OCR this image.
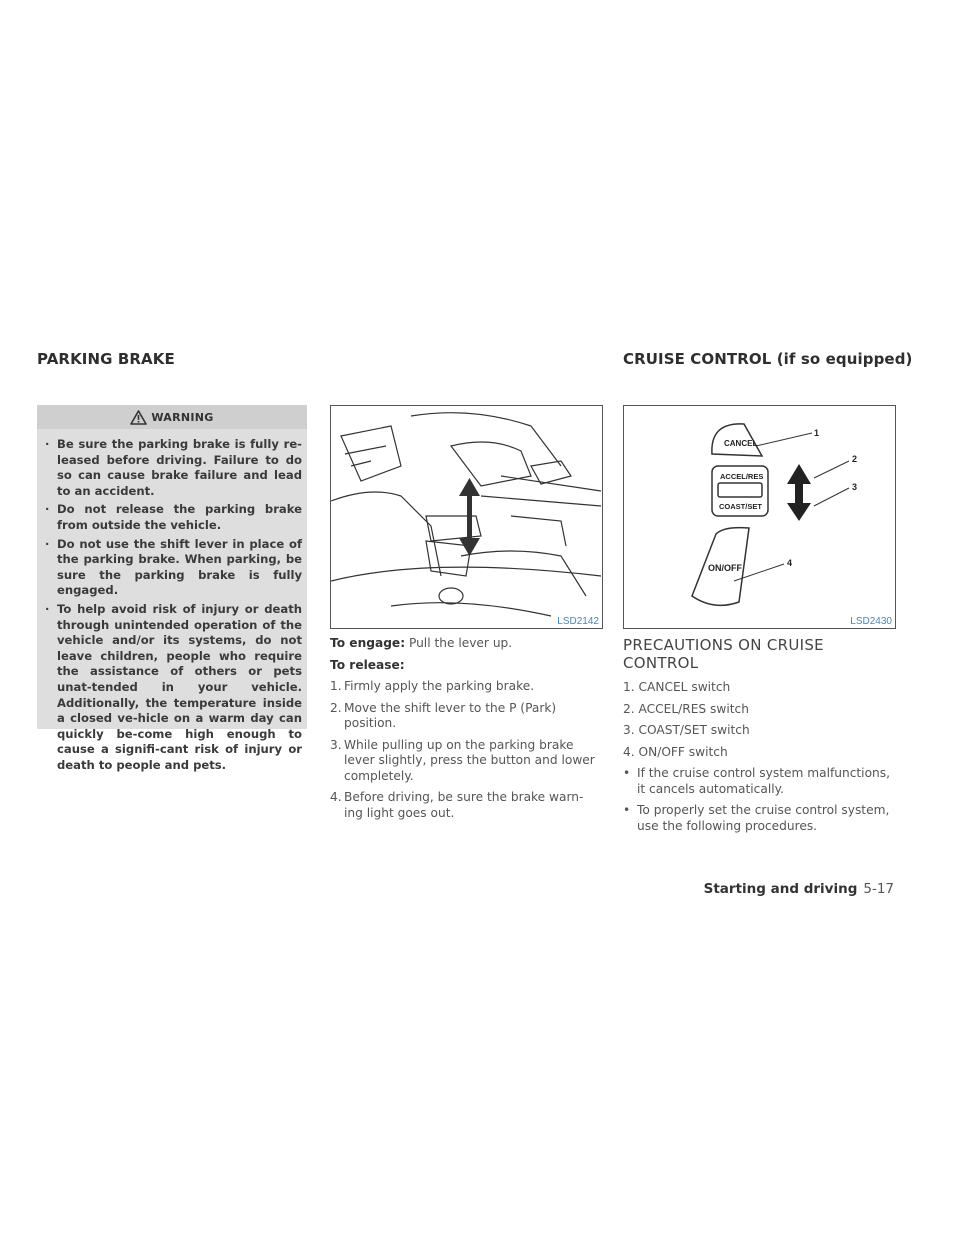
PARKING BRAKE	CRUISE CONTROL (if so equipped)
WARNING
· Be sure the parking brake is fully re-leased before driving. Failure to do so can cause brake failure and lead to an accident.
· Do not release the parking brake from outside the vehicle.
· Do not use the shift lever in place of the parking brake. When parking, be sure the parking brake is fully engaged.
· To help avoid risk of injury or death through unintended operation of the vehicle and/or its systems, do not leave children, people who require the assistance of others or pets unat-tended in your vehicle. Additionally, the temperature inside a closed ve-hicle on a warm day can quickly be-come high enough to cause a signifi-cant risk of injury or death to people and pets.
LSD2142
CANCEL
ACCEL/RES
COAST/SET
ON/OFF
1
2
3
4
LSD2430

To engage: Pull the lever up.

To release:

1. Firmly apply the parking brake.
2. Move the shift lever to the P (Park) position.
3. While pulling up on the parking brake lever slightly, press the button and lower completely.
4. Before driving, be sure the brake warn-ing light goes out.
PRECAUTIONS ON CRUISE CONTROL

1. CANCEL switch

2. ACCEL/RES switch

3. COAST/SET switch

4. ON/OFF switch

• If the cruise control system malfunctions, it cancels automatically.
• To properly set the cruise control system, use the following procedures.
Starting and driving 5-17
